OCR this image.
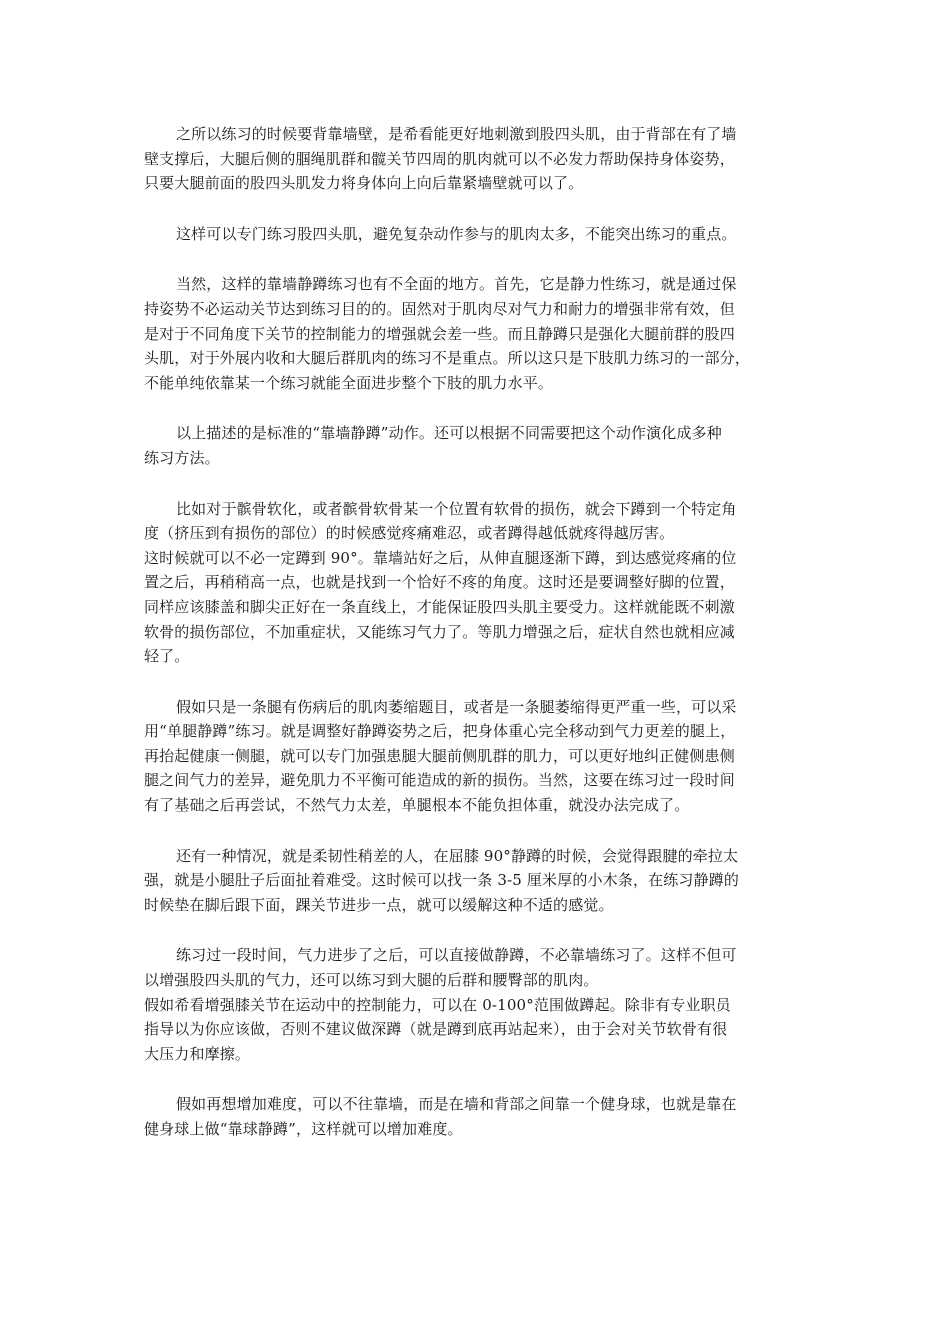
之所以练习的时候要背靠墙壁，是希看能更好地刺激到股四头肌，由于背部在有了墙
壁支撑后，大腿后侧的腘绳肌群和髋关节四周的肌肉就可以不必发力帮助保持身体姿势，
只要大腿前面的股四头肌发力将身体向上向后靠紧墙壁就可以了。

这样可以专门练习股四头肌，避免复杂动作参与的肌肉太多，不能突出练习的重点。

当然，这样的靠墙静蹲练习也有不全面的地方。首先，它是静力性练习，就是通过保
持姿势不必运动关节达到练习目的的。固然对于肌肉尽对气力和耐力的增强非常有效，但
是对于不同角度下关节的控制能力的增强就会差一些。而且静蹲只是强化大腿前群的股四
头肌，对于外展内收和大腿后群肌肉的练习不是重点。所以这只是下肢肌力练习的一部分，
不能单纯依靠某一个练习就能全面进步整个下肢的肌力水平。

以上描述的是标准的“靠墙静蹲”动作。还可以根据不同需要把这个动作演化成多种
练习方法。

比如对于髌骨软化，或者髌骨软骨某一个位置有软骨的损伤，就会下蹲到一个特定角
度（挤压到有损伤的部位）的时候感觉疼痛难忍，或者蹲得越低就疼得越厉害。
这时候就可以不必一定蹲到 90°。靠墙站好之后，从伸直腿逐渐下蹲，到达感觉疼痛的位
置之后，再稍稍高一点，也就是找到一个恰好不疼的角度。这时还是要调整好脚的位置，
同样应该膝盖和脚尖正好在一条直线上，才能保证股四头肌主要受力。这样就能既不刺激
软骨的损伤部位，不加重症状，又能练习气力了。等肌力增强之后，症状自然也就相应减
轻了。

假如只是一条腿有伤病后的肌肉萎缩题目，或者是一条腿萎缩得更严重一些，可以采
用“单腿静蹲”练习。就是调整好静蹲姿势之后，把身体重心完全移动到气力更差的腿上，
再抬起健康一侧腿，就可以专门加强患腿大腿前侧肌群的肌力，可以更好地纠正健侧患侧
腿之间气力的差异，避免肌力不平衡可能造成的新的损伤。当然，这要在练习过一段时间
有了基础之后再尝试，不然气力太差，单腿根本不能负担体重，就没办法完成了。

还有一种情况，就是柔韧性稍差的人，在屈膝 90°静蹲的时候，会觉得跟腱的牵拉太
强，就是小腿肚子后面扯着难受。这时候可以找一条 3-5 厘米厚的小木条，在练习静蹲的
时候垫在脚后跟下面，踝关节进步一点，就可以缓解这种不适的感觉。

练习过一段时间，气力进步了之后，可以直接做静蹲，不必靠墙练习了。这样不但可
以增强股四头肌的气力，还可以练习到大腿的后群和腰臀部的肌肉。
假如希看增强膝关节在运动中的控制能力，可以在 0-100°范围做蹲起。除非有专业职员
指导以为你应该做，否则不建议做深蹲（就是蹲到底再站起来），由于会对关节软骨有很
大压力和摩擦。

假如再想增加难度，可以不往靠墙，而是在墙和背部之间靠一个健身球，也就是靠在
健身球上做“靠球静蹲”，这样就可以增加难度。
